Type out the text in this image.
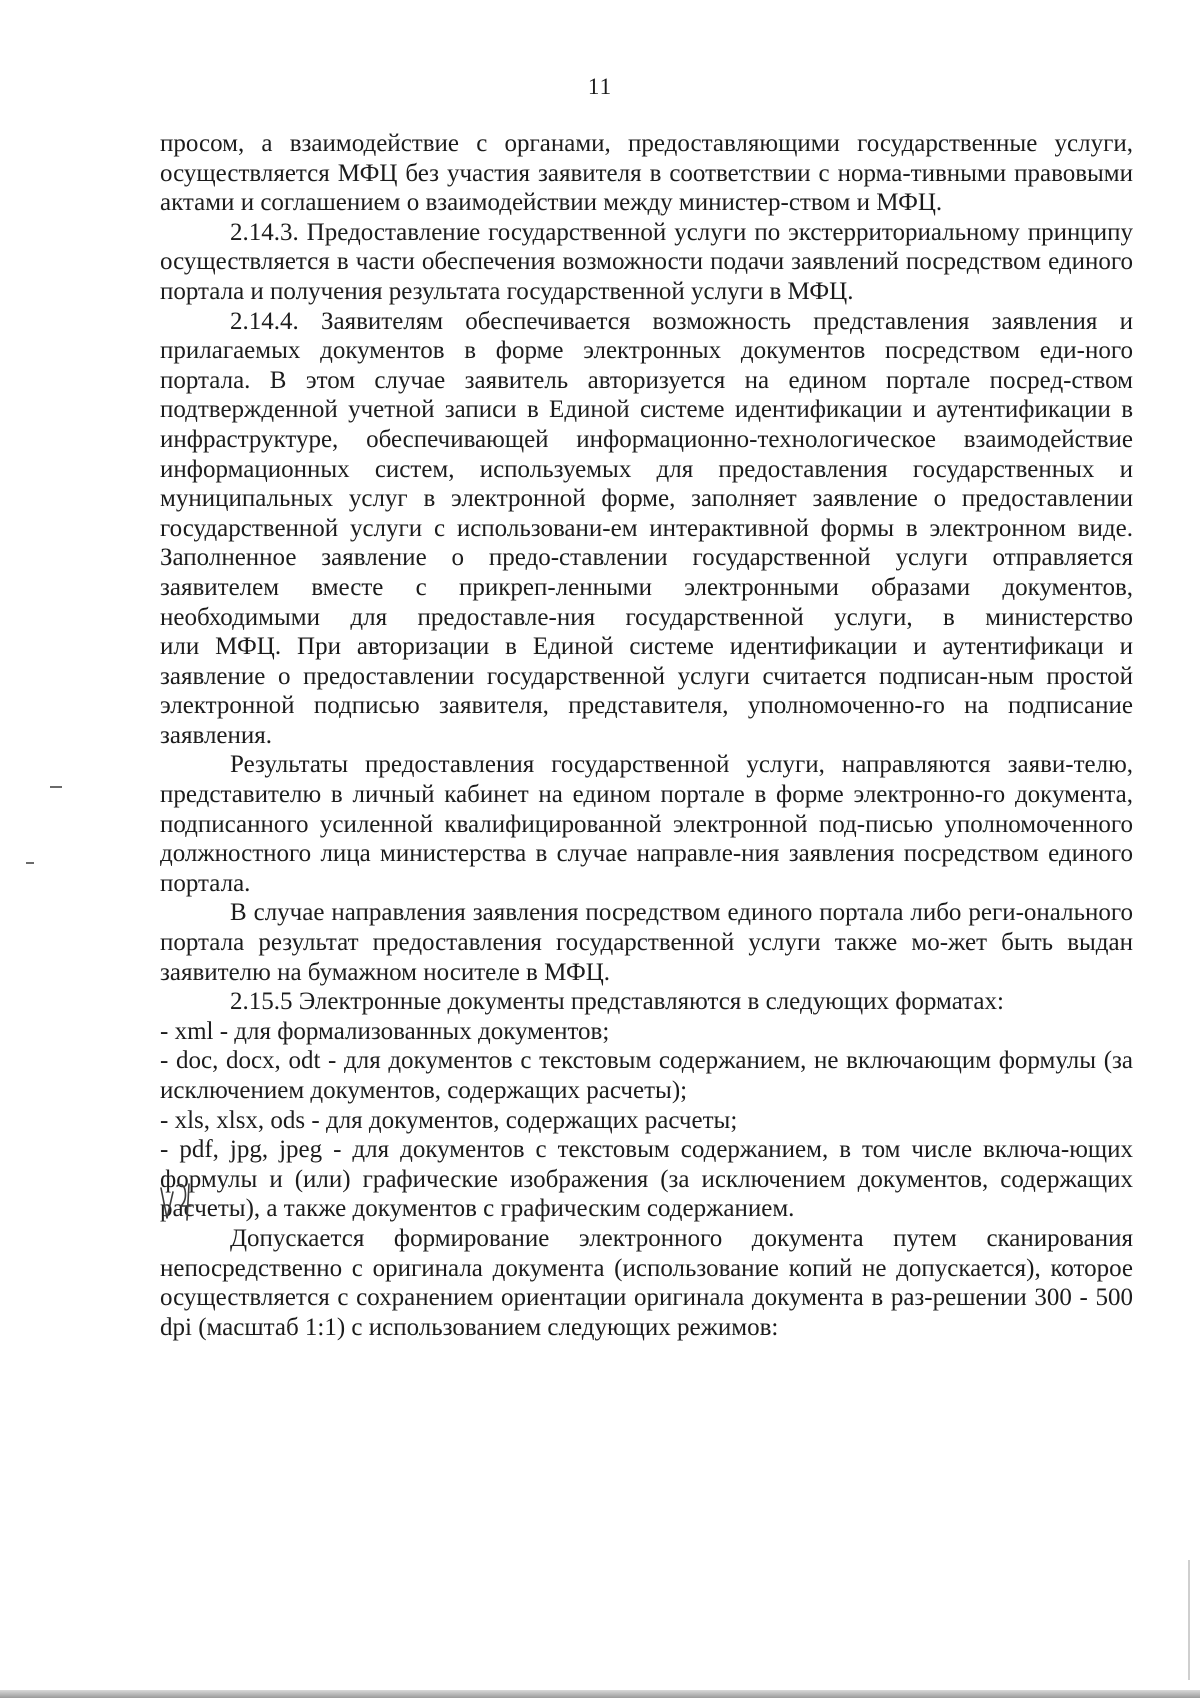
11

просом, а взаимодействие с органами, предоставляющими государственные услуги, осуществляется МФЦ без участия заявителя в соответствии с норма-тивными правовыми актами и соглашением о взаимодействии между министер-ством и МФЦ.

2.14.3. Предоставление государственной услуги по экстерриториальному принципу осуществляется в части обеспечения возможности подачи заявлений посредством единого портала и получения результата государственной услуги в МФЦ.

2.14.4. Заявителям обеспечивается возможность представления заявления и прилагаемых документов в форме электронных документов посредством еди-ного портала. В этом случае заявитель авторизуется на едином портале посред-ством подтвержденной учетной записи в Единой системе идентификации и аутентификации в инфраструктуре, обеспечивающей информационно-технологическое взаимодействие информационных систем, используемых для предоставления государственных и муниципальных услуг в электронной форме, заполняет заявление о предоставлении государственной услуги с использовани-ем интерактивной формы в электронном виде. Заполненное заявление о предо-ставлении государственной услуги отправляется заявителем вместе с прикреп-ленными электронными образами документов, необходимыми для предоставле-ния государственной услуги, в министерство

или МФЦ. При авторизации в Единой системе идентификации и аутентификаци и заявление о предоставлении государственной услуги считается подписан-ным простой электронной подписью заявителя, представителя, уполномоченно-го на подписание заявления.

Результаты предоставления государственной услуги, направляются заяви-телю, представителю в личный кабинет на едином портале в форме электронно-го документа, подписанного усиленной квалифицированной электронной под-писью уполномоченного должностного лица министерства в случае направле-ния заявления посредством единого портала.

В случае направления заявления посредством единого портала либо реги-онального портала результат предоставления государственной услуги также мо-жет быть выдан заявителю на бумажном носителе в МФЦ.

2.15.5 Электронные документы представляются в следующих форматах:

- xml - для формализованных документов;

- doc, docx, odt - для документов с текстовым содержанием, не включающим формулы (за исключением документов, содержащих расчеты);

- xls, xlsx, ods - для документов, содержащих расчеты;

- pdf, jpg, jpeg - для документов с текстовым содержанием, в том числе включа-ющих формулы и (или) графические изображения (за исключением документов, содержащих расчеты), а также документов с графическим содержанием.

Допускается формирование электронного документа путем сканирования непосредственно с оригинала документа (использование копий не допускается), которое осуществляется с сохранением ориентации оригинала документа в раз-решении 300 - 500 dpi (масштаб 1:1) с использованием следующих режимов:
